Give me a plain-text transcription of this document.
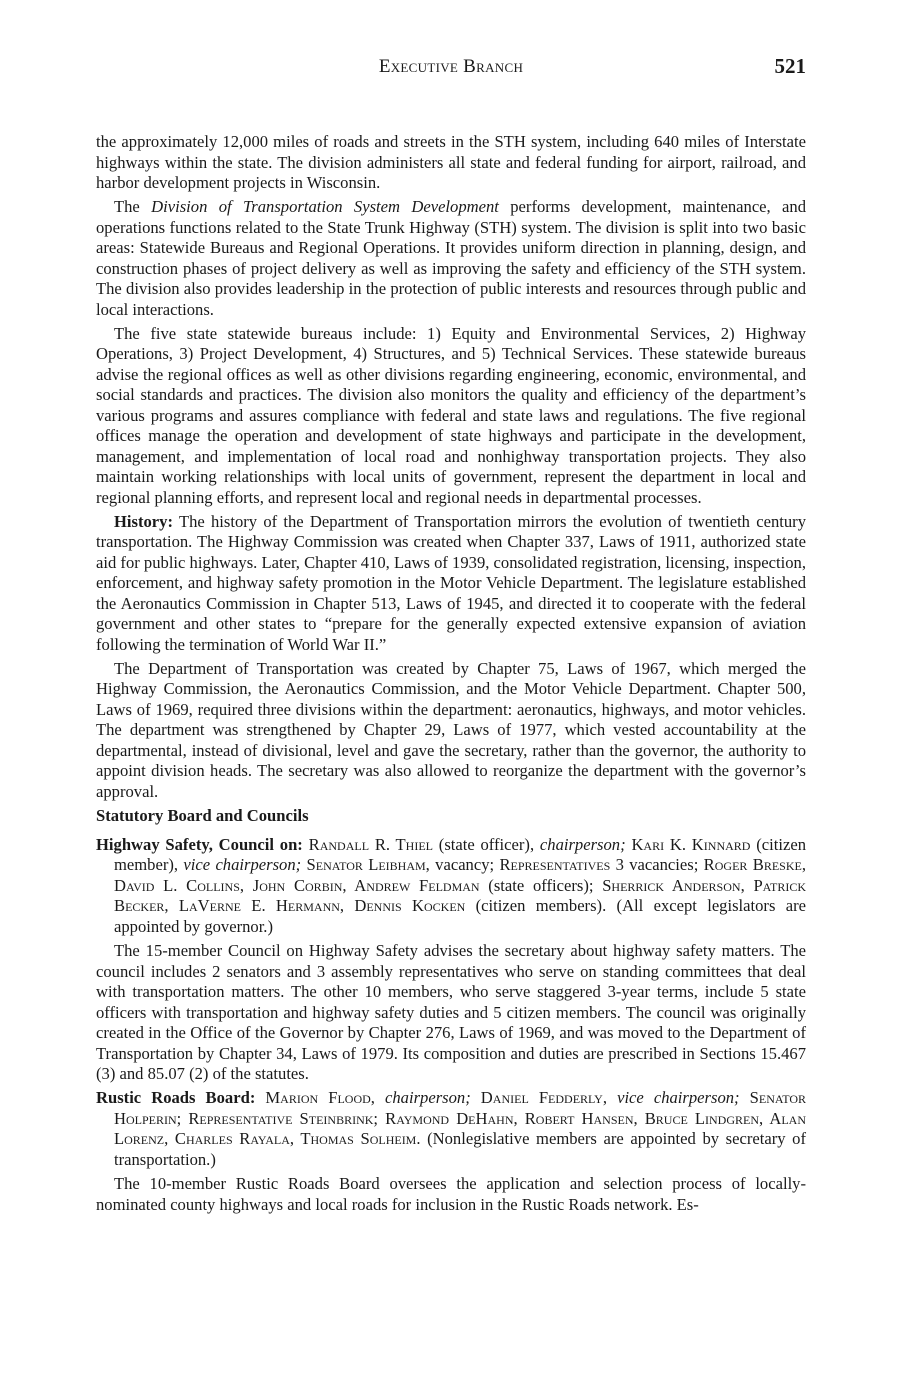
Executive Branch	521

the approximately 12,000 miles of roads and streets in the STH system, including 640 miles of Interstate highways within the state. The division administers all state and federal funding for airport, railroad, and harbor development projects in Wisconsin.

The Division of Transportation System Development performs development, maintenance, and operations functions related to the State Trunk Highway (STH) system. The division is split into two basic areas: Statewide Bureaus and Regional Operations. It provides uniform direction in planning, design, and construction phases of project delivery as well as improving the safety and efficiency of the STH system. The division also provides leadership in the protection of public interests and resources through public and local interactions.

The five state statewide bureaus include: 1) Equity and Environmental Services, 2) Highway Operations, 3) Project Development, 4) Structures, and 5) Technical Services. These statewide bureaus advise the regional offices as well as other divisions regarding engineering, economic, environmental, and social standards and practices. The division also monitors the quality and efficiency of the department’s various programs and assures compliance with federal and state laws and regulations. The five regional offices manage the operation and development of state highways and participate in the development, management, and implementation of local road and nonhighway transportation projects. They also maintain working relationships with local units of government, represent the department in local and regional planning efforts, and represent local and regional needs in departmental processes.

History: The history of the Department of Transportation mirrors the evolution of twentieth century transportation. The Highway Commission was created when Chapter 337, Laws of 1911, authorized state aid for public highways. Later, Chapter 410, Laws of 1939, consolidated registration, licensing, inspection, enforcement, and highway safety promotion in the Motor Vehicle Department. The legislature established the Aeronautics Commission in Chapter 513, Laws of 1945, and directed it to cooperate with the federal government and other states to “prepare for the generally expected extensive expansion of aviation following the termination of World War II.”

The Department of Transportation was created by Chapter 75, Laws of 1967, which merged the Highway Commission, the Aeronautics Commission, and the Motor Vehicle Department. Chapter 500, Laws of 1969, required three divisions within the department: aeronautics, highways, and motor vehicles. The department was strengthened by Chapter 29, Laws of 1977, which vested accountability at the departmental, instead of divisional, level and gave the secretary, rather than the governor, the authority to appoint division heads. The secretary was also allowed to reorganize the department with the governor’s approval.

Statutory Board and Councils
Highway Safety, Council on: Randall R. Thiel (state officer), chairperson; Kari K. Kinnard (citizen member), vice chairperson; Senator Leibham, vacancy; Representatives 3 vacancies; Roger Breske, David L. Collins, John Corbin, Andrew Feldman (state officers); Sherrick Anderson, Patrick Becker, LaVerne E. Hermann, Dennis Kocken (citizen members). (All except legislators are appointed by governor.)

The 15-member Council on Highway Safety advises the secretary about highway safety matters. The council includes 2 senators and 3 assembly representatives who serve on standing committees that deal with transportation matters. The other 10 members, who serve staggered 3-year terms, include 5 state officers with transportation and highway safety duties and 5 citizen members. The council was originally created in the Office of the Governor by Chapter 276, Laws of 1969, and was moved to the Department of Transportation by Chapter 34, Laws of 1979. Its composition and duties are prescribed in Sections 15.467 (3) and 85.07 (2) of the statutes.

Rustic Roads Board: Marion Flood, chairperson; Daniel Fedderly, vice chairperson; Senator Holperin; Representative Steinbrink; Raymond DeHahn, Robert Hansen, Bruce Lindgren, Alan Lorenz, Charles Rayala, Thomas Solheim. (Nonlegislative members are appointed by secretary of transportation.)

The 10-member Rustic Roads Board oversees the application and selection process of locally-nominated county highways and local roads for inclusion in the Rustic Roads network. Es-
